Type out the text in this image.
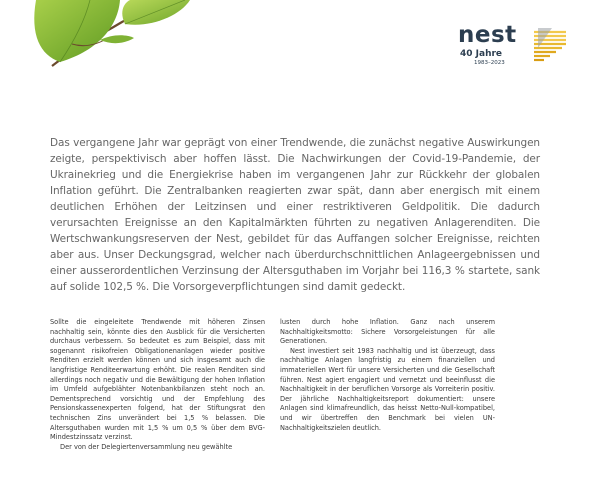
nest
40 Jahre
1983–2023

Das vergangene Jahr war geprägt von einer Trendwende, die zunächst negative Auswirkungen zeigte, perspektivisch aber hoffen lässt. Die Nachwirkungen der Covid-19-Pandemie, der Ukrainekrieg und die Energiekrise haben im vergangenen Jahr zur Rückkehr der globalen Inflation geführt. Die Zentralbanken reagierten zwar spät, dann aber energisch mit einem deutlichen Erhöhen der Leitzinsen und einer restriktiveren Geldpolitik. Die dadurch verursachten Ereignisse an den Kapitalmärkten führten zu negativen Anlagerenditen. Die Wertschwankungsreserven der Nest, gebildet für das Auffangen solcher Ereignisse, reichten aber aus. Unser Deckungsgrad, welcher nach überdurchschnittlichen Anlageergebnissen und einer ausserordentlichen Verzinsung der Altersguthaben im Vorjahr bei 116,3 % startete, sank auf solide 102,5 %. Die Vorsorgeverpflichtungen sind damit gedeckt.

Sollte die eingeleitete Trendwende mit höheren Zinsen nachhaltig sein, könnte dies den Ausblick für die Versicherten durchaus verbessern. So bedeutet es zum Beispiel, dass mit sogenannt risikofreien Obligationenanlagen wieder positive Renditen erzielt werden können und sich insgesamt auch die langfristige Renditeerwartung erhöht. Die realen Renditen sind allerdings noch negativ und die Bewältigung der hohen Inflation im Umfeld aufgeblähter Notenbankbilanzen steht noch an. Dementsprechend vorsichtig und der Empfehlung des Pensionskassenexperten folgend, hat der Stiftungsrat den technischen Zins unverändert bei 1,5 % belassen. Die Altersguthaben wurden mit 1,5 % um 0,5 % über dem BVG-Mindestzinssatz verzinst.

Der von der Delegiertenversammlung neu gewählte

lusten durch hohe Inflation. Ganz nach unserem Nachhaltigkeitsmotto: Sichere Vorsorgeleistungen für alle Generationen.

Nest investiert seit 1983 nachhaltig und ist überzeugt, dass nachhaltige Anlagen langfristig zu einem finanziellen und immateriellen Wert für unsere Versicherten und die Gesellschaft führen. Nest agiert engagiert und vernetzt und beeinflusst die Nachhaltigkeit in der beruflichen Vorsorge als Vorreiterin positiv. Der jährliche Nachhaltigkeitsreport dokumentiert: unsere Anlagen sind klimafreundlich, das heisst Netto-Null-kompatibel, und wir übertreffen den Benchmark bei vielen UN-Nachhaltigkeitszielen deutlich.
